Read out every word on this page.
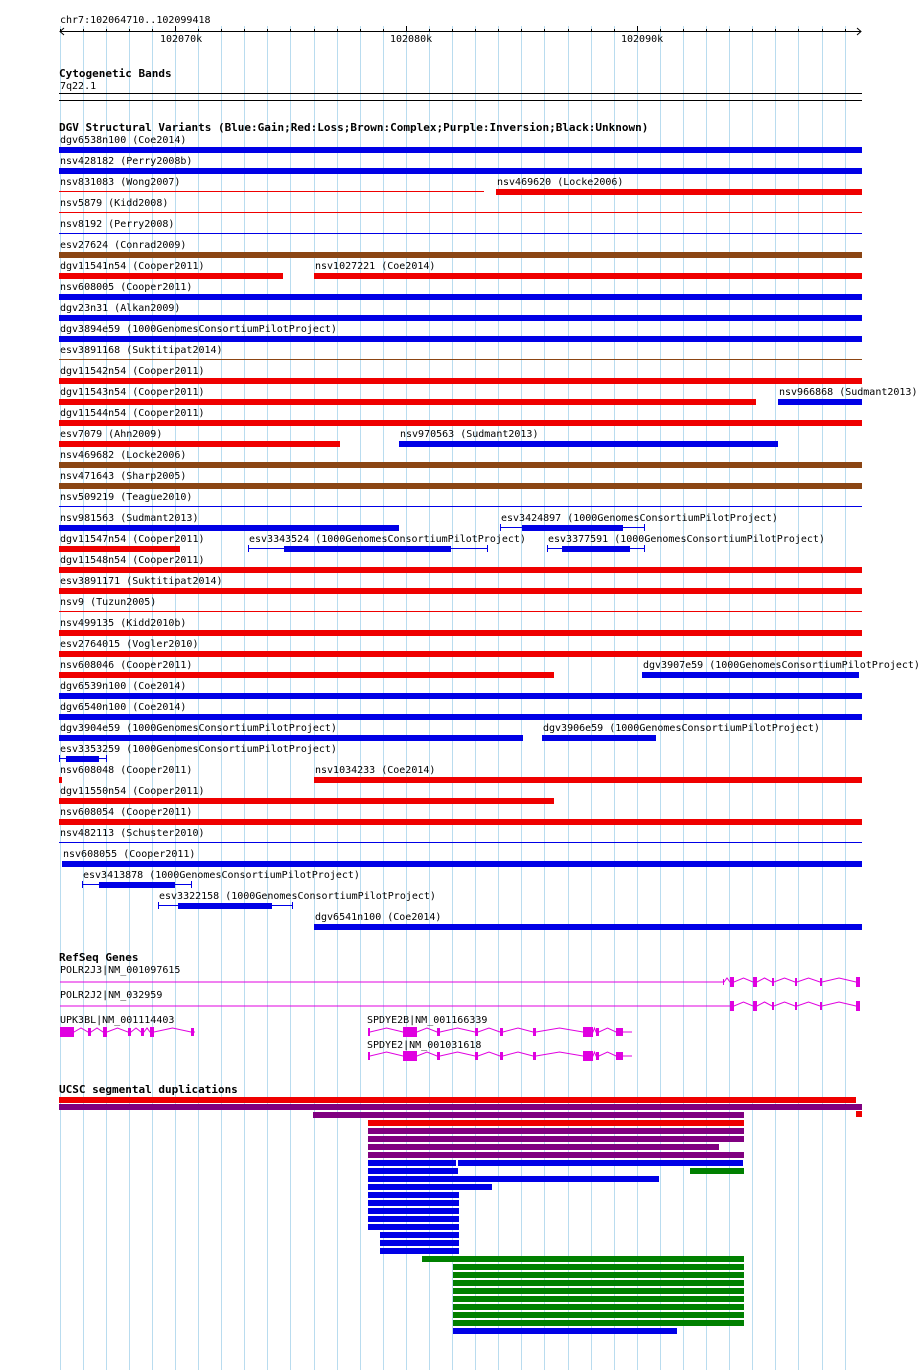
chr7:102064710..102099418
102070k	102080k	102090k
Cytogenetic Bands
7q22.1
DGV Structural Variants (Blue:Gain;Red:Loss;Brown:Complex;Purple:Inversion;Black:Unknown)
dgv6538n100 (Coe2014)
nsv428182 (Perry2008b)
nsv831083 (Wong2007)	nsv469620 (Locke2006)
nsv5879 (Kidd2008)
nsv8192 (Perry2008)
esv27624 (Conrad2009)
dgv11541n54 (Cooper2011)	nsv1027221 (Coe2014)
nsv608005 (Cooper2011)
dgv23n31 (Alkan2009)
dgv3894e59 (1000GenomesConsortiumPilotProject)
esv3891168 (Suktitipat2014)
dgv11542n54 (Cooper2011)
dgv11543n54 (Cooper2011)	nsv966868 (Sudmant2013)
dgv11544n54 (Cooper2011)
esv7079 (Ahn2009)	nsv970563 (Sudmant2013)
nsv469682 (Locke2006)
nsv471643 (Sharp2005)
nsv509219 (Teague2010)
nsv981563 (Sudmant2013)	esv3424897 (1000GenomesConsortiumPilotProject)
dgv11547n54 (Cooper2011)	esv3343524 (1000GenomesConsortiumPilotProject) esv3377591 (1000GenomesConsortiumPilotProject)
dgv11548n54 (Cooper2011)
esv3891171 (Suktitipat2014)
nsv9 (Tuzun2005)
nsv499135 (Kidd2010b)
esv2764015 (Vogler2010)
nsv608046 (Cooper2011)	dgv3907e59 (1000GenomesConsortiumPilotProject)
dgv6539n100 (Coe2014)
dgv6540n100 (Coe2014)
dgv3904e59 (1000GenomesConsortiumPilotProject)	dgv3906e59 (1000GenomesConsortiumPilotProject)
esv3353259 (1000GenomesConsortiumPilotProject)
nsv608048 (Cooper2011)	nsv1034233 (Coe2014)
dgv11550n54 (Cooper2011)
nsv608054 (Cooper2011)
nsv482113 (Schuster2010)
nsv608055 (Cooper2011)
esv3413878 (1000GenomesConsortiumPilotProject)
esv3322158 (1000GenomesConsortiumPilotProject)
dgv6541n100 (Coe2014)
RefSeq Genes
POLR2J3|NM_001097615
POLR2J2|NM_032959
UPK3BL|NM_001114403	SPDYE2B|NM_001166339
SPDYE2|NM_001031618
UCSC segmental duplications
